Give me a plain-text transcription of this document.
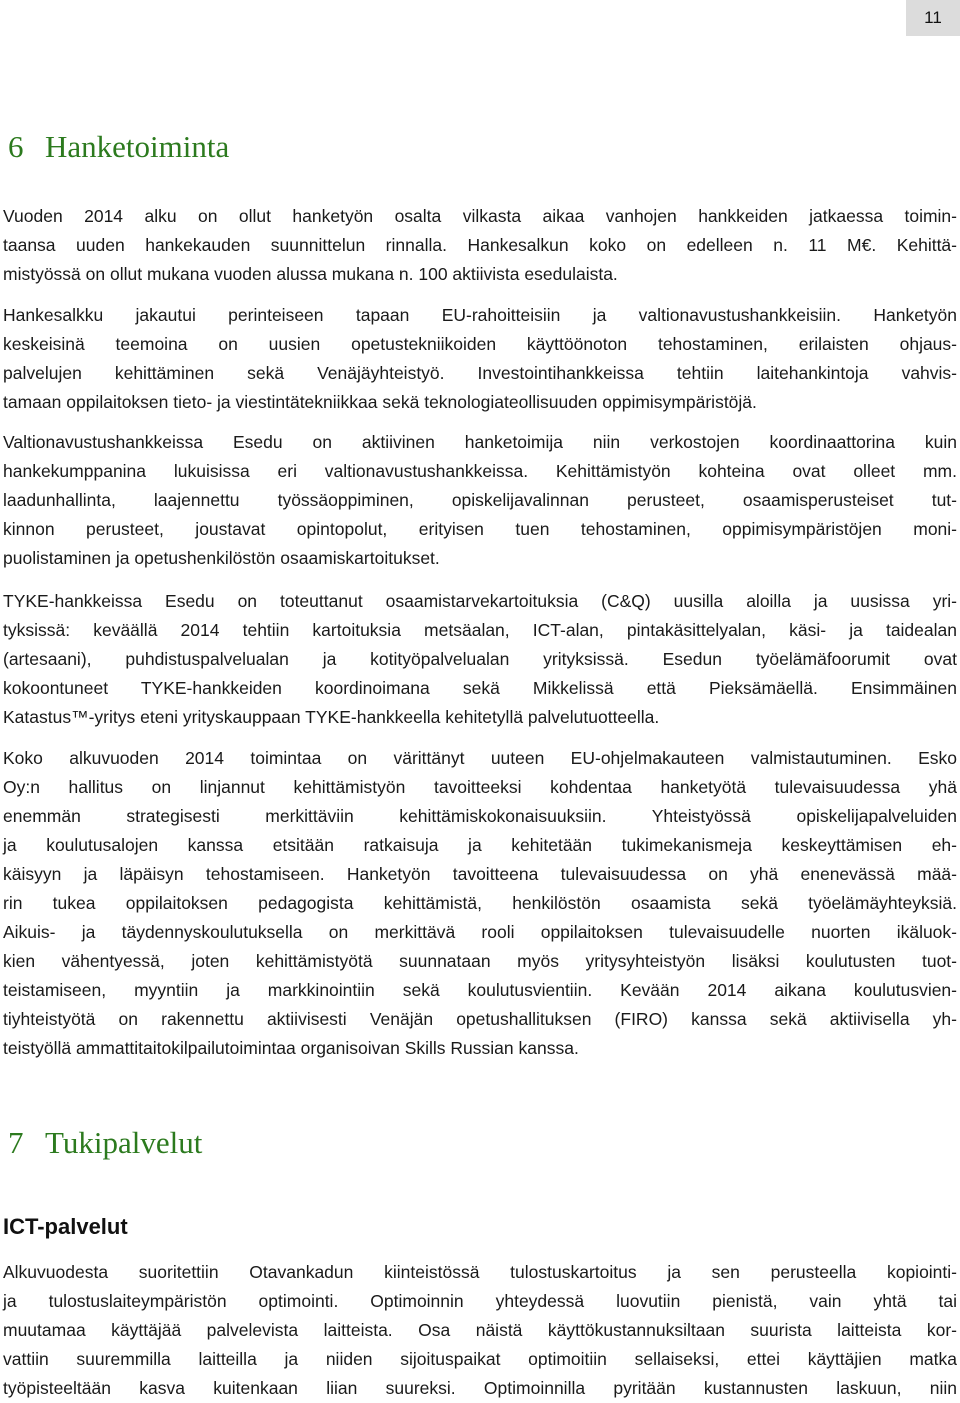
11
6 Hanketoiminta
Vuoden 2014 alku on ollut hanketyön osalta vilkasta aikaa vanhojen hankkeiden jatkaessa toimin-
taansa uuden hankekauden suunnittelun rinnalla. Hankesalkun koko on edelleen n. 11 M€. Kehittä-
mistyössä on ollut mukana vuoden alussa mukana n. 100 aktiivista esedulaista.
Hankesalkku jakautui perinteiseen tapaan EU-rahoitteisiin ja valtionavustushankkeisiin. Hanketyön
keskeisinä teemoina on uusien opetustekniikoiden käyttöönoton tehostaminen, erilaisten ohjaus-
palvelujen kehittäminen sekä Venäjäyhteistyö. Investointihankkeissa tehtiin laitehankintoja vahvis-
tamaan oppilaitoksen tieto- ja viestintätekniikkaa sekä teknologiateollisuuden oppimisympäristöjä.
Valtionavustushankkeissa Esedu on aktiivinen hanketoimija niin verkostojen koordinaattorina kuin
hankekumppanina lukuisissa eri valtionavustushankkeissa. Kehittämistyön kohteina ovat olleet mm.
laadunhallinta, laajennettu työssäoppiminen, opiskelijavalinnan perusteet, osaamisperusteiset tut-
kinnon perusteet, joustavat opintopolut, erityisen tuen tehostaminen, oppimisympäristöjen moni-
puolistaminen ja opetushenkilöstön osaamiskartoitukset.
TYKE-hankkeissa Esedu on toteuttanut osaamistarvekartoituksia (C&Q) uusilla aloilla ja uusissa yri-
tyksissä: keväällä 2014 tehtiin kartoituksia metsäalan, ICT-alan, pintakäsittelyalan, käsi- ja taidealan
(artesaani), puhdistuspalvelualan ja kotityöpalvelualan yrityksissä. Esedun työelämäfoorumit ovat
kokoontuneet TYKE-hankkeiden koordinoimana sekä Mikkelissä että Pieksämäellä. Ensimmäinen
Katastus™-yritys eteni yrityskauppaan TYKE-hankkeella kehitetyllä palvelutuotteella.
Koko alkuvuoden 2014 toimintaa on värittänyt uuteen EU-ohjelmakauteen valmistautuminen. Esko
Oy:n hallitus on linjannut kehittämistyön tavoitteeksi kohdentaa hanketyötä tulevaisuudessa yhä
enemmän strategisesti merkittäviin kehittämiskokonaisuuksiin. Yhteistyössä opiskelijapalveluiden
ja koulutusalojen kanssa etsitään ratkaisuja ja kehitetään tukimekanismeja keskeyttämisen eh-
käisyyn ja läpäisyn tehostamiseen. Hanketyön tavoitteena tulevaisuudessa on yhä enenevässä mää-
rin tukea oppilaitoksen pedagogista kehittämistä, henkilöstön osaamista sekä työelämäyhteyksiä.
Aikuis- ja täydennyskoulutuksella on merkittävä rooli oppilaitoksen tulevaisuudelle nuorten ikäluok-
kien vähentyessä, joten kehittämistyötä suunnataan myös yritysyhteistyön lisäksi koulutusten tuot-
teistamiseen, myyntiin ja markkinointiin sekä koulutusvientiin. Kevään 2014 aikana koulutusvien-
tiyhteistyötä on rakennettu aktiivisesti Venäjän opetushallituksen (FIRO) kanssa sekä aktiivisella yh-
teistyöllä ammattitaitokilpailutoimintaa organisoivan Skills Russian kanssa.
7 Tukipalvelut
ICT-palvelut
Alkuvuodesta suoritettiin Otavankadun kiinteistössä tulostuskartoitus ja sen perusteella kopiointi-
ja tulostuslaiteympäristön optimointi. Optimoinnin yhteydessä luovutiin pienistä, vain yhtä tai
muutamaa käyttäjää palvelevista laitteista. Osa näistä käyttökustannuksiltaan suurista laitteista kor-
vattiin suuremmilla laitteilla ja niiden sijoituspaikat optimoitiin sellaiseksi, ettei käyttäjien matka
työpisteeltään kasva kuitenkaan liian suureksi. Optimoinnilla pyritään kustannusten laskuun, niin
